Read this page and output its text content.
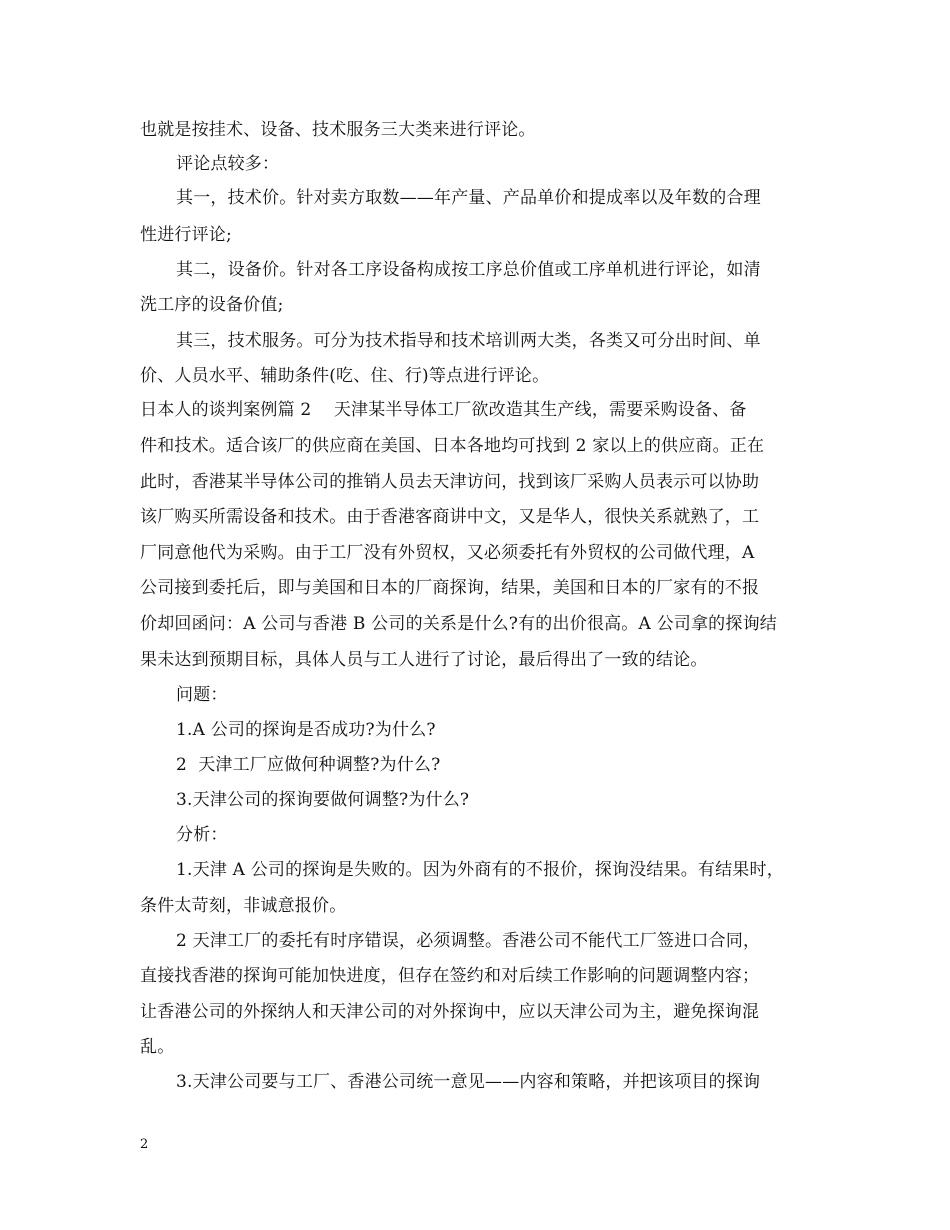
也就是按挂术、设备、技术服务三大类来进行评论。
评论点较多：
其一，技术价。针对卖方取数——年产量、产品单价和提成率以及年数的合理
性进行评论;
其二，设备价。针对各工序设备构成按工序总价值或工序单机进行评论，如清
洗工序的设备价值;
其三，技术服务。可分为技术指导和技术培训两大类，各类又可分出时间、单
价、人员水平、辅助条件(吃、住、行)等点进行评论。
日本人的谈判案例篇 2    天津某半导体工厂欲改造其生产线，需要采购设备、备
件和技术。适合该厂的供应商在美国、日本各地均可找到 2 家以上的供应商。正在
此时，香港某半导体公司的推销人员去天津访问，找到该厂采购人员表示可以协助
该厂购买所需设备和技术。由于香港客商讲中文，又是华人，很快关系就熟了，工
厂同意他代为采购。由于工厂没有外贸权，又必须委托有外贸权的公司做代理，A
公司接到委托后，即与美国和日本的厂商探询，结果，美国和日本的厂家有的不报
价却回函问：A 公司与香港 B 公司的关系是什么?有的出价很高。A 公司拿的探询结
果未达到预期目标，具体人员与工人进行了讨论，最后得出了一致的结论。
问题：
1.A 公司的探询是否成功?为什么?
2  天津工厂应做何种调整?为什么?
3.天津公司的探询要做何调整?为什么?
分析：
1.天津 A 公司的探询是失败的。因为外商有的不报价，探询没结果。有结果时，
条件太苛刻，非诚意报价。
2 天津工厂的委托有时序错误，必须调整。香港公司不能代工厂签进口合同，
直接找香港的探询可能加快进度，但存在签约和对后续工作影响的问题调整内容；
让香港公司的外探纳人和天津公司的对外探询中，应以天津公司为主，避免探询混
乱。
3.天津公司要与工厂、香港公司统一意见——内容和策略，并把该项目的探询
2
